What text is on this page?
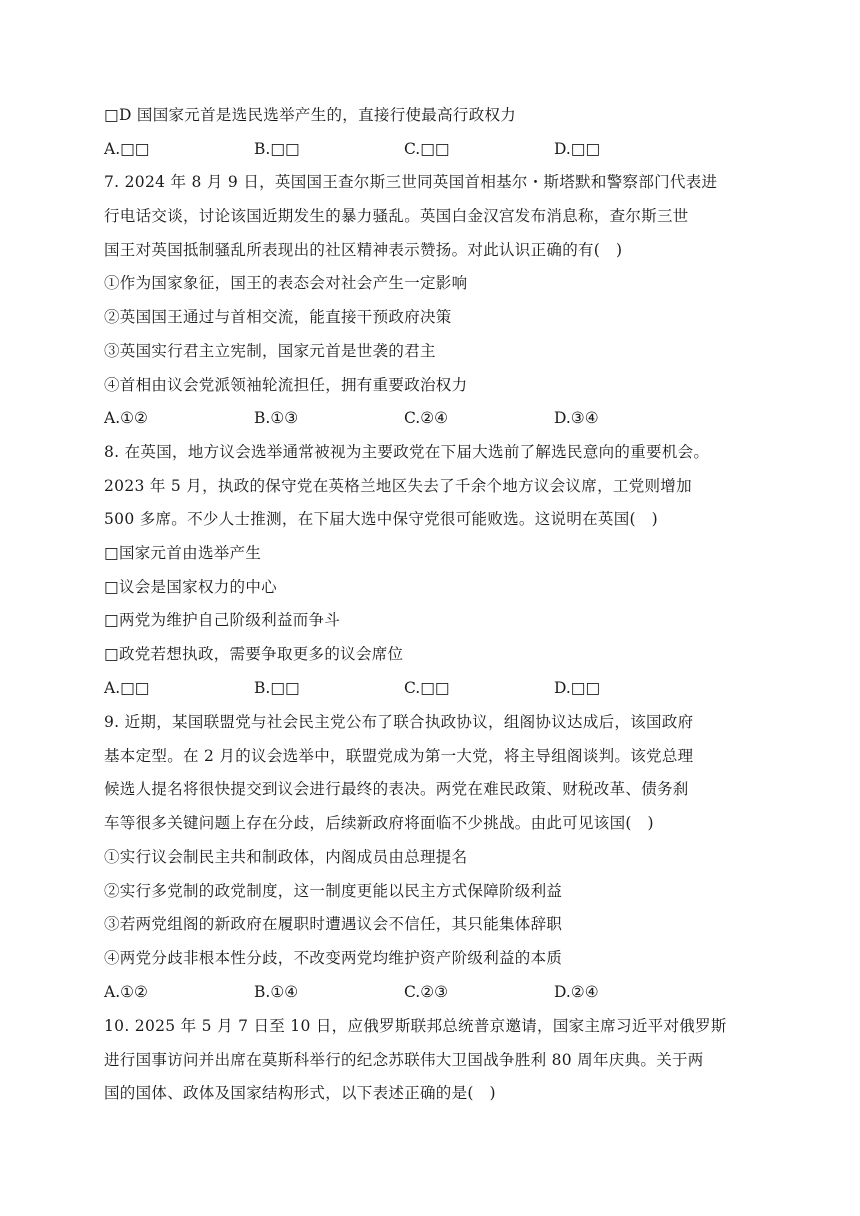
□D 国国家元首是选民选举产生的，直接行使最高行政权力
A.□□	B.□□	C.□□	D.□□
7. 2024 年 8 月 9 日，英国国王查尔斯三世同英国首相基尔・斯塔默和警察部门代表进
行电话交谈，讨论该国近期发生的暴力骚乱。英国白金汉宫发布消息称，查尔斯三世
国王对英国抵制骚乱所表现出的社区精神表示赞扬。对此认识正确的有(　)
①作为国家象征，国王的表态会对社会产生一定影响
②英国国王通过与首相交流，能直接干预政府决策
③英国实行君主立宪制，国家元首是世袭的君主
④首相由议会党派领袖轮流担任，拥有重要政治权力
A.①②	B.①③	C.②④	D.③④
8. 在英国，地方议会选举通常被视为主要政党在下届大选前了解选民意向的重要机会。
2023 年 5 月，执政的保守党在英格兰地区失去了千余个地方议会议席，工党则增加
500 多席。不少人士推测，在下届大选中保守党很可能败选。这说明在英国(　)
□国家元首由选举产生
□议会是国家权力的中心
□两党为维护自己阶级利益而争斗
□政党若想执政，需要争取更多的议会席位
A.□□	B.□□	C.□□	D.□□
9. 近期，某国联盟党与社会民主党公布了联合执政协议，组阁协议达成后，该国政府
基本定型。在 2 月的议会选举中，联盟党成为第一大党，将主导组阁谈判。该党总理
候选人提名将很快提交到议会进行最终的表决。两党在难民政策、财税改革、债务刹
车等很多关键问题上存在分歧，后续新政府将面临不少挑战。由此可见该国(　)
①实行议会制民主共和制政体，内阁成员由总理提名
②实行多党制的政党制度，这一制度更能以民主方式保障阶级利益
③若两党组阁的新政府在履职时遭遇议会不信任，其只能集体辞职
④两党分歧非根本性分歧，不改变两党均维护资产阶级利益的本质
A.①②	B.①④	C.②③	D.②④
10. 2025 年 5 月 7 日至 10 日，应俄罗斯联邦总统普京邀请，国家主席习近平对俄罗斯
进行国事访问并出席在莫斯科举行的纪念苏联伟大卫国战争胜利 80 周年庆典。关于两
国的国体、政体及国家结构形式，以下表述正确的是(　)
